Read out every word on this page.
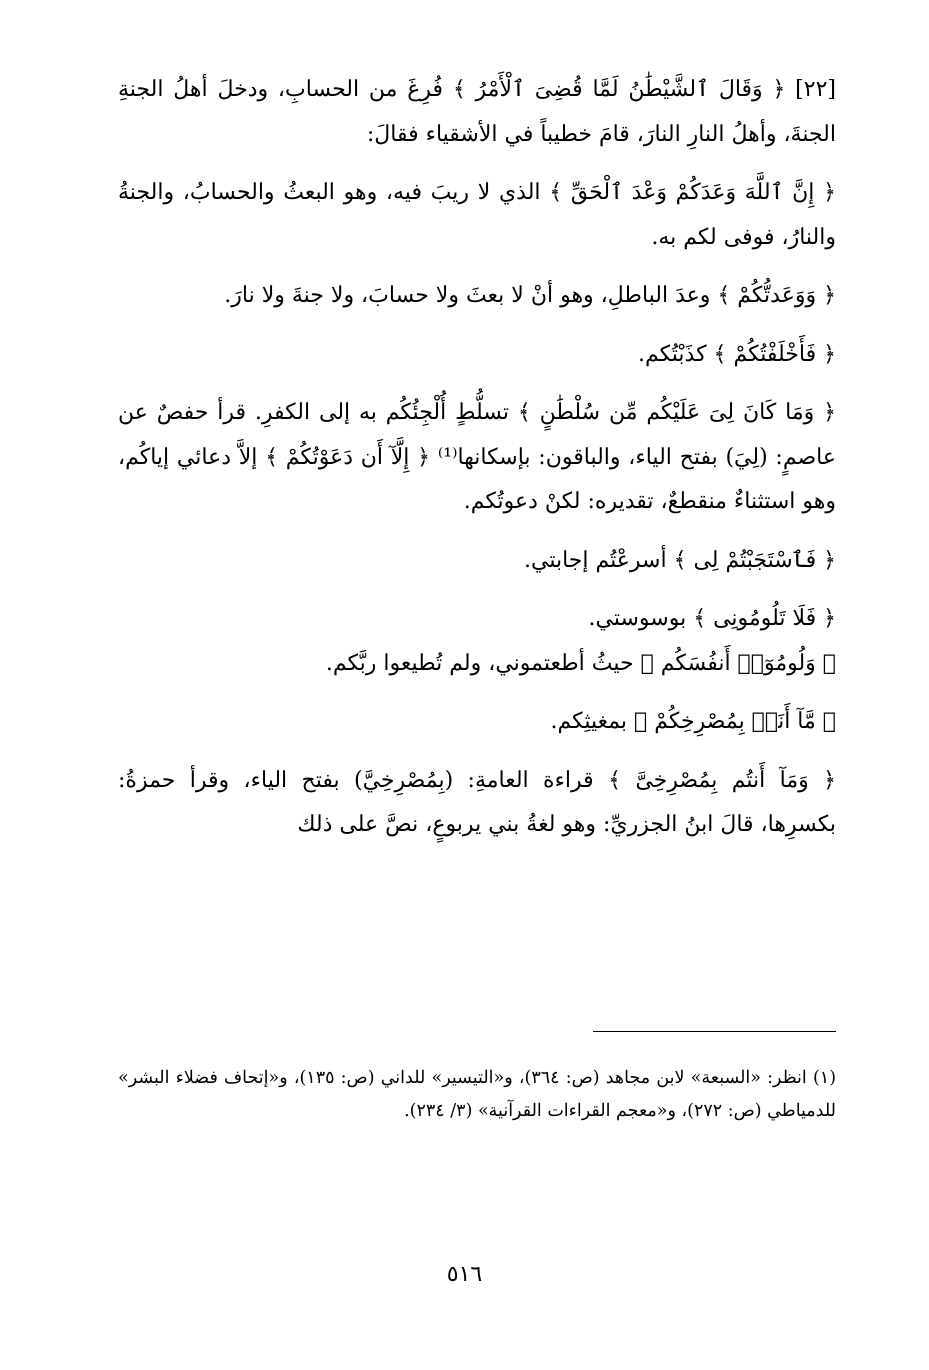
[٢٢] ﴿ وَقَالَ ٱلشَّيْطَٰنُ لَمَّا قُضِىَ ٱلْأَمْرُ ﴾ فُرِغَ من الحسابِ، ودخلَ أهلُ الجنةِ الجنةَ، وأهلُ النارِ النارَ، قامَ خطيباً في الأشقياء فقالَ:

﴿ إِنَّ ٱللَّهَ وَعَدَكُمْ وَعْدَ ٱلْحَقِّ ﴾ الذي لا ريبَ فيه، وهو البعثُ والحسابُ، والجنةُ والنارُ، فوفى لكم به.

﴿ وَوَعَدتُّكُمْ ﴾ وعدَ الباطلِ، وهو أنْ لا بعثَ ولا حسابَ، ولا جنةَ ولا نارَ.

﴿ فَأَخْلَفْتُكُمْ ﴾ كذَبْتُكم.

﴿ وَمَا كَانَ لِىَ عَلَيْكُم مِّن سُلْطَٰنٍ ﴾ تسلُّطٍ أُلْجِئُكُم به إلى الكفرِ. قرأ حفصٌ عن عاصمٍ: (لِيَ) بفتح الياء، والباقون: بإسكانها⁽¹⁾ ﴿ إِلَّآ أَن دَعَوْتُكُمْ ﴾ إلاَّ دعائي إياكُم، وهو استثناءٌ منقطعٌ، تقديره: لكنْ دعوتُكم.

﴿ فَٱسْتَجَبْتُمْ لِى ﴾ أسرعْتُم إجابتي.

﴿ فَلَا تَلُومُونِى ﴾ بوسوستي.

﴿ وَلُومُوٓا۟ أَنفُسَكُم ﴾ حيثُ أطعتموني، ولم تُطيعوا ربَّكم.

﴿ مَّآ أَنَا۠ بِمُصْرِخِكُمْ ﴾ بمغيثِكم.

﴿ وَمَآ أَنتُم بِمُصْرِخِىَّ ﴾ قراءة العامةِ: (بِمُصْرِخِيَّ) بفتح الياء، وقرأ حمزةُ: بكسرِها، قالَ ابنُ الجزريِّ: وهو لغةُ بني يربوعٍ، نصَّ على ذلك

(١) انظر: «السبعة» لابن مجاهد (ص: ٣٦٤)، و«التيسير» للداني (ص: ١٣٥)، و«إتحاف فضلاء البشر» للدمياطي (ص: ٢٧٢)، و«معجم القراءات القرآنية» (٣/ ٢٣٤).

٥١٦
